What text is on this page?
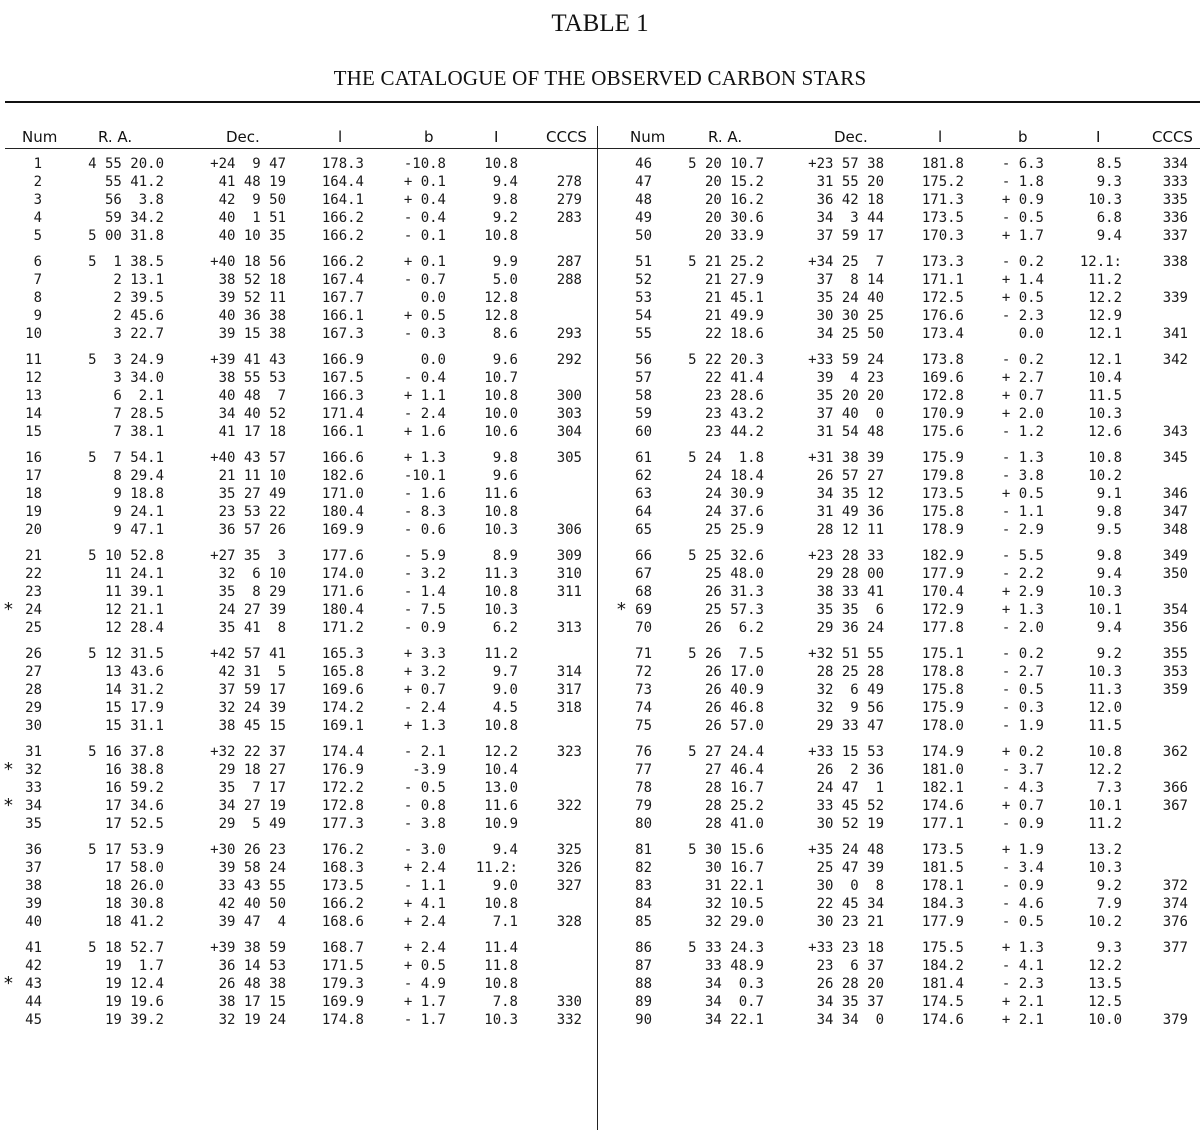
TABLE 1
THE CATALOGUE OF THE OBSERVED CARBON STARS
Num	R. A.	Dec.	l	b	I	CCCS	Num	R. A.	Dec.	l	b	I	CCCS
1	4 55 20.0	+24  9 47	178.3	-10.8	10.8
2	55 41.2	41 48 19	164.4	+ 0.1	9.4	278
3	56  3.8	42  9 50	164.1	+ 0.4	9.8	279
4	59 34.2	40  1 51	166.2	- 0.4	9.2	283
5	5 00 31.8	40 10 35	166.2	- 0.1	10.8
6	5  1 38.5	+40 18 56	166.2	+ 0.1	9.9	287
7	2 13.1	38 52 18	167.4	- 0.7	5.0	288
8	2 39.5	39 52 11	167.7	0.0	12.8
9	2 45.6	40 36 38	166.1	+ 0.5	12.8
10	3 22.7	39 15 38	167.3	- 0.3	8.6	293
11	5  3 24.9	+39 41 43	166.9	0.0	9.6	292
12	3 34.0	38 55 53	167.5	- 0.4	10.7
13	6  2.1	40 48  7	166.3	+ 1.1	10.8	300
14	7 28.5	34 40 52	171.4	- 2.4	10.0	303
15	7 38.1	41 17 18	166.1	+ 1.6	10.6	304
16	5  7 54.1	+40 43 57	166.6	+ 1.3	9.8	305
17	8 29.4	21 11 10	182.6	-10.1	9.6
18	9 18.8	35 27 49	171.0	- 1.6	11.6
19	9 24.1	23 53 22	180.4	- 8.3	10.8
20	9 47.1	36 57 26	169.9	- 0.6	10.3	306
21	5 10 52.8	+27 35  3	177.6	- 5.9	8.9	309
22	11 24.1	32  6 10	174.0	- 3.2	11.3	310
23	11 39.1	35  8 29	171.6	- 1.4	10.8	311
* 24	12 21.1	24 27 39	180.4	- 7.5	10.3
25	12 28.4	35 41  8	171.2	- 0.9	6.2	313
26	5 12 31.5	+42 57 41	165.3	+ 3.3	11.2
27	13 43.6	42 31  5	165.8	+ 3.2	9.7	314
28	14 31.2	37 59 17	169.6	+ 0.7	9.0	317
29	15 17.9	32 24 39	174.2	- 2.4	4.5	318
30	15 31.1	38 45 15	169.1	+ 1.3	10.8
31	5 16 37.8	+32 22 37	174.4	- 2.1	12.2	323
* 32	16 38.8	29 18 27	176.9	-3.9	10.4
33	16 59.2	35  7 17	172.2	- 0.5	13.0
* 34	17 34.6	34 27 19	172.8	- 0.8	11.6	322
35	17 52.5	29  5 49	177.3	- 3.8	10.9
36	5 17 53.9	+30 26 23	176.2	- 3.0	9.4	325
37	17 58.0	39 58 24	168.3	+ 2.4	11.2:	326
38	18 26.0	33 43 55	173.5	- 1.1	9.0	327
39	18 30.8	42 40 50	166.2	+ 4.1	10.8
40	18 41.2	39 47  4	168.6	+ 2.4	7.1	328
41	5 18 52.7	+39 38 59	168.7	+ 2.4	11.4
42	19  1.7	36 14 53	171.5	+ 0.5	11.8
* 43	19 12.4	26 48 38	179.3	- 4.9	10.8
44	19 19.6	38 17 15	169.9	+ 1.7	7.8	330
45	19 39.2	32 19 24	174.8	- 1.7	10.3	332
46	5 20 10.7	+23 57 38	181.8	- 6.3	8.5	334
47	20 15.2	31 55 20	175.2	- 1.8	9.3	333
48	20 16.2	36 42 18	171.3	+ 0.9	10.3	335
49	20 30.6	34  3 44	173.5	- 0.5	6.8	336
50	20 33.9	37 59 17	170.3	+ 1.7	9.4	337
51	5 21 25.2	+34 25  7	173.3	- 0.2	12.1:	338
52	21 27.9	37  8 14	171.1	+ 1.4	11.2
53	21 45.1	35 24 40	172.5	+ 0.5	12.2	339
54	21 49.9	30 30 25	176.6	- 2.3	12.9
55	22 18.6	34 25 50	173.4	0.0	12.1	341
56	5 22 20.3	+33 59 24	173.8	- 0.2	12.1	342
57	22 41.4	39  4 23	169.6	+ 2.7	10.4
58	23 28.6	35 20 20	172.8	+ 0.7	11.5
59	23 43.2	37 40  0	170.9	+ 2.0	10.3
60	23 44.2	31 54 48	175.6	- 1.2	12.6	343
61	5 24  1.8	+31 38 39	175.9	- 1.3	10.8	345
62	24 18.4	26 57 27	179.8	- 3.8	10.2
63	24 30.9	34 35 12	173.5	+ 0.5	9.1	346
64	24 37.6	31 49 36	175.8	- 1.1	9.8	347
65	25 25.9	28 12 11	178.9	- 2.9	9.5	348
66	5 25 32.6	+23 28 33	182.9	- 5.5	9.8	349
67	25 48.0	29 28 00	177.9	- 2.2	9.4	350
68	26 31.3	38 33 41	170.4	+ 2.9	10.3
* 69	25 57.3	35 35  6	172.9	+ 1.3	10.1	354
70	26  6.2	29 36 24	177.8	- 2.0	9.4	356
71	5 26  7.5	+32 51 55	175.1	- 0.2	9.2	355
72	26 17.0	28 25 28	178.8	- 2.7	10.3	353
73	26 40.9	32  6 49	175.8	- 0.5	11.3	359
74	26 46.8	32  9 56	175.9	- 0.3	12.0
75	26 57.0	29 33 47	178.0	- 1.9	11.5
76	5 27 24.4	+33 15 53	174.9	+ 0.2	10.8	362
77	27 46.4	26  2 36	181.0	- 3.7	12.2
78	28 16.7	24 47  1	182.1	- 4.3	7.3	366
79	28 25.2	33 45 52	174.6	+ 0.7	10.1	367
80	28 41.0	30 52 19	177.1	- 0.9	11.2
81	5 30 15.6	+35 24 48	173.5	+ 1.9	13.2
82	30 16.7	25 47 39	181.5	- 3.4	10.3
83	31 22.1	30  0  8	178.1	- 0.9	9.2	372
84	32 10.5	22 45 34	184.3	- 4.6	7.9	374
85	32 29.0	30 23 21	177.9	- 0.5	10.2	376
86	5 33 24.3	+33 23 18	175.5	+ 1.3	9.3	377
87	33 48.9	23  6 37	184.2	- 4.1	12.2
88	34  0.3	26 28 20	181.4	- 2.3	13.5
89	34  0.7	34 35 37	174.5	+ 2.1	12.5
90	34 22.1	34 34  0	174.6	+ 2.1	10.0	379
